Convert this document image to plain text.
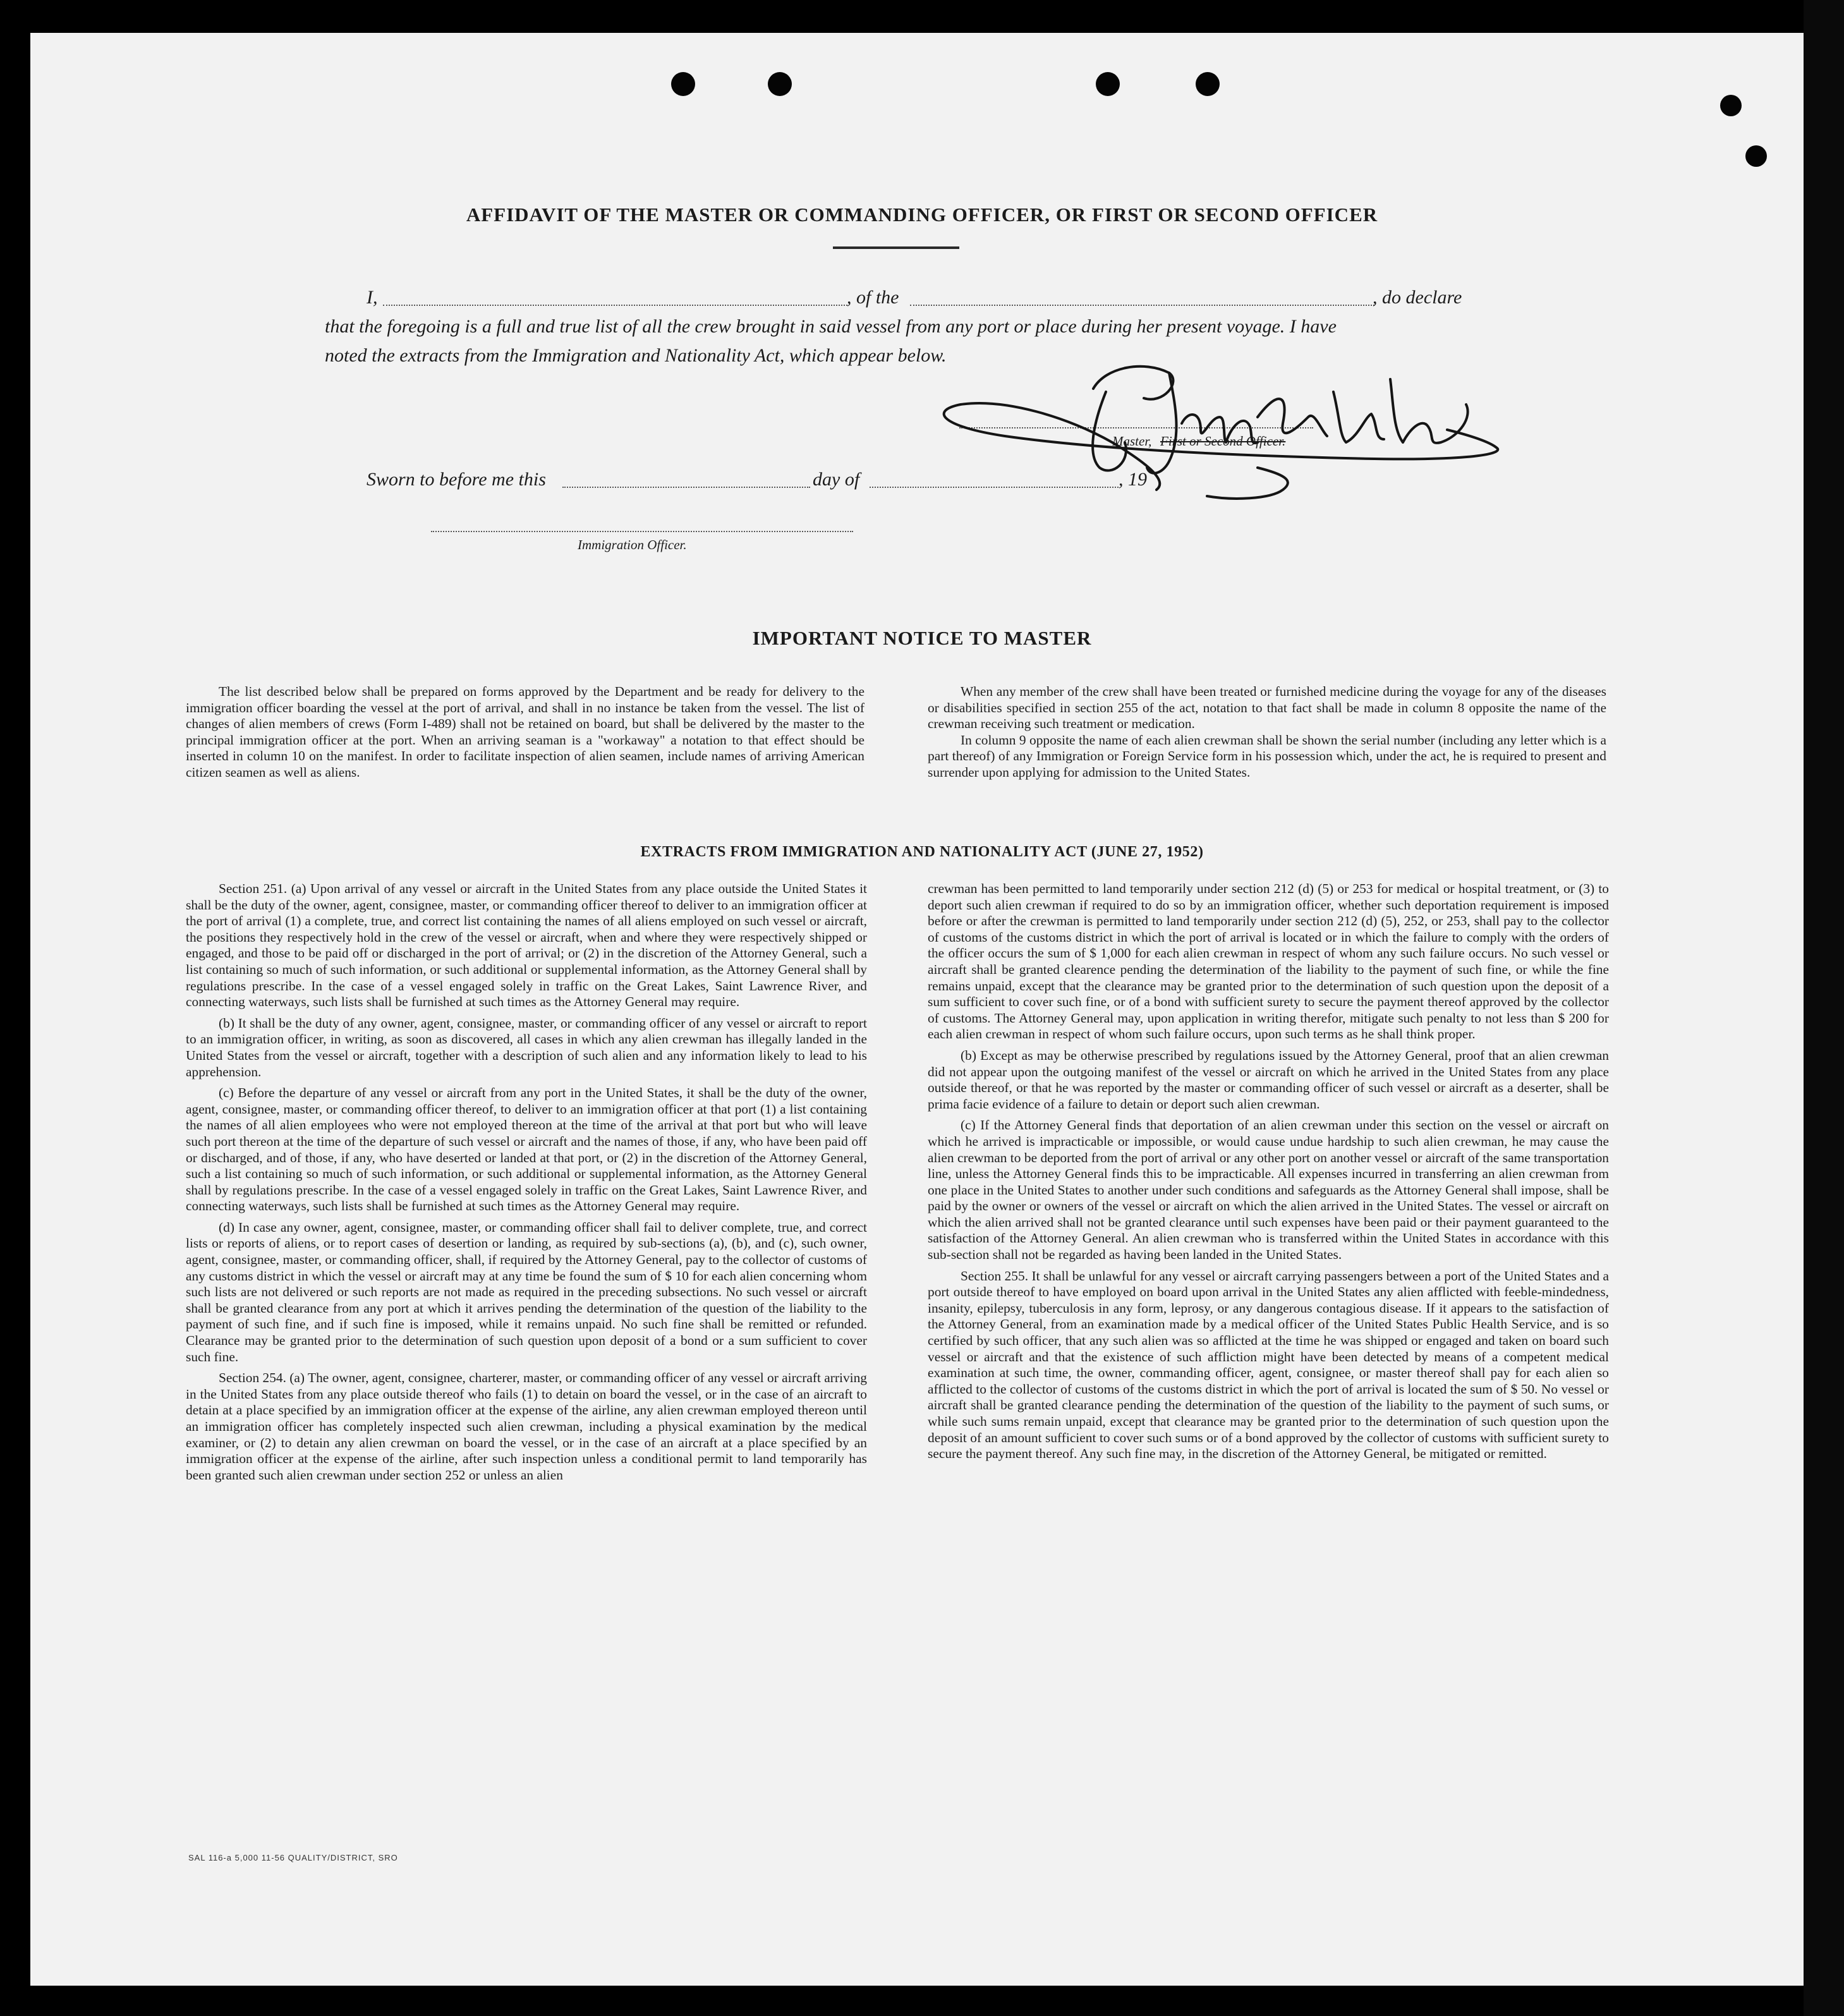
AFFIDAVIT OF THE MASTER OR COMMANDING OFFICER, OR FIRST OR SECOND OFFICER
I,	, of the	, do declare
that the foregoing is a full and true list of all the crew brought in said vessel from any port or place during her present voyage. I have
noted the extracts from the Immigration and Nationality Act, which appear below.
Master, First or Second Officer.
Sworn to before me this	day of	, 19
Immigration Officer.
IMPORTANT NOTICE TO MASTER

The list described below shall be prepared on forms approved by the Department and be ready for delivery to the immigration officer boarding the vessel at the port of arrival, and shall in no instance be taken from the vessel. The list of changes of alien members of crews (Form I-489) shall not be retained on board, but shall be delivered by the master to the principal immigration officer at the port. When an arriving seaman is a "workaway" a notation to that effect should be inserted in column 10 on the manifest. In order to facilitate inspection of alien seamen, include names of arriving American citizen seamen as well as aliens.

When any member of the crew shall have been treated or furnished medicine during the voyage for any of the diseases or disabilities specified in section 255 of the act, notation to that fact shall be made in column 8 opposite the name of the crewman receiving such treatment or medication.

In column 9 opposite the name of each alien crewman shall be shown the serial number (including any letter which is a part thereof) of any Immigration or Foreign Service form in his possession which, under the act, he is required to present and surrender upon applying for admission to the United States.

EXTRACTS FROM IMMIGRATION AND NATIONALITY ACT (JUNE 27, 1952)

Section 251. (a) Upon arrival of any vessel or aircraft in the United States from any place outside the United States it shall be the duty of the owner, agent, consignee, master, or commanding officer thereof to deliver to an immigration officer at the port of arrival (1) a complete, true, and correct list containing the names of all aliens employed on such vessel or aircraft, the positions they respectively hold in the crew of the vessel or aircraft, when and where they were respectively shipped or engaged, and those to be paid off or discharged in the port of arrival; or (2) in the discretion of the Attorney General, such a list containing so much of such information, or such additional or supplemental information, as the Attorney General shall by regulations prescribe. In the case of a vessel engaged solely in traffic on the Great Lakes, Saint Lawrence River, and connecting waterways, such lists shall be furnished at such times as the Attorney General may require.

(b) It shall be the duty of any owner, agent, consignee, master, or commanding officer of any vessel or aircraft to report to an immigration officer, in writing, as soon as discovered, all cases in which any alien crewman has illegally landed in the United States from the vessel or aircraft, together with a description of such alien and any information likely to lead to his apprehension.

(c) Before the departure of any vessel or aircraft from any port in the United States, it shall be the duty of the owner, agent, consignee, master, or commanding officer thereof, to deliver to an immigration officer at that port (1) a list containing the names of all alien employees who were not employed thereon at the time of the arrival at that port but who will leave such port thereon at the time of the departure of such vessel or aircraft and the names of those, if any, who have been paid off or discharged, and of those, if any, who have deserted or landed at that port, or (2) in the discretion of the Attorney General, such a list containing so much of such information, or such additional or supplemental information, as the Attorney General shall by regulations prescribe. In the case of a vessel engaged solely in traffic on the Great Lakes, Saint Lawrence River, and connecting waterways, such lists shall be furnished at such times as the Attorney General may require.

(d) In case any owner, agent, consignee, master, or commanding officer shall fail to deliver complete, true, and correct lists or reports of aliens, or to report cases of desertion or landing, as required by sub-sections (a), (b), and (c), such owner, agent, consignee, master, or commanding officer, shall, if required by the Attorney General, pay to the collector of customs of any customs district in which the vessel or aircraft may at any time be found the sum of $ 10 for each alien concerning whom such lists are not delivered or such reports are not made as required in the preceding subsections. No such vessel or aircraft shall be granted clearance from any port at which it arrives pending the determination of the question of the liability to the payment of such fine, and if such fine is imposed, while it remains unpaid. No such fine shall be remitted or refunded. Clearance may be granted prior to the determination of such question upon deposit of a bond or a sum sufficient to cover such fine.

Section 254. (a) The owner, agent, consignee, charterer, master, or commanding officer of any vessel or aircraft arriving in the United States from any place outside thereof who fails (1) to detain on board the vessel, or in the case of an aircraft to detain at a place specified by an immigration officer at the expense of the airline, any alien crewman employed thereon until an immigration officer has completely inspected such alien crewman, including a physical examination by the medical examiner, or (2) to detain any alien crewman on board the vessel, or in the case of an aircraft at a place specified by an immigration officer at the expense of the airline, after such inspection unless a conditional permit to land temporarily has been granted such alien crewman under section 252 or unless an alien

crewman has been permitted to land temporarily under section 212 (d) (5) or 253 for medical or hospital treatment, or (3) to deport such alien crewman if required to do so by an immigration officer, whether such deportation requirement is imposed before or after the crewman is permitted to land temporarily under section 212 (d) (5), 252, or 253, shall pay to the collector of customs of the customs district in which the port of arrival is located or in which the failure to comply with the orders of the officer occurs the sum of $ 1,000 for each alien crewman in respect of whom any such failure occurs. No such vessel or aircraft shall be granted clearence pending the determination of the liability to the payment of such fine, or while the fine remains unpaid, except that the clearance may be granted prior to the determination of such question upon the deposit of a sum sufficient to cover such fine, or of a bond with sufficient surety to secure the payment thereof approved by the collector of customs. The Attorney General may, upon application in writing therefor, mitigate such penalty to not less than $ 200 for each alien crewman in respect of whom such failure occurs, upon such terms as he shall think proper.

(b) Except as may be otherwise prescribed by regulations issued by the Attorney General, proof that an alien crewman did not appear upon the outgoing manifest of the vessel or aircraft on which he arrived in the United States from any place outside thereof, or that he was reported by the master or commanding officer of such vessel or aircraft as a deserter, shall be prima facie evidence of a failure to detain or deport such alien crewman.

(c) If the Attorney General finds that deportation of an alien crewman under this section on the vessel or aircraft on which he arrived is impracticable or impossible, or would cause undue hardship to such alien crewman, he may cause the alien crewman to be deported from the port of arrival or any other port on another vessel or aircraft of the same transportation line, unless the Attorney General finds this to be impracticable. All expenses incurred in transferring an alien crewman from one place in the United States to another under such conditions and safeguards as the Attorney General shall impose, shall be paid by the owner or owners of the vessel or aircraft on which the alien arrived in the United States. The vessel or aircraft on which the alien arrived shall not be granted clearance until such expenses have been paid or their payment guaranteed to the satisfaction of the Attorney General. An alien crewman who is transferred within the United States in accordance with this sub-section shall not be regarded as having been landed in the United States.

Section 255. It shall be unlawful for any vessel or aircraft carrying passengers between a port of the United States and a port outside thereof to have employed on board upon arrival in the United States any alien afflicted with feeble-mindedness, insanity, epilepsy, tuberculosis in any form, leprosy, or any dangerous contagious disease. If it appears to the satisfaction of the Attorney General, from an examination made by a medical officer of the United States Public Health Service, and is so certified by such officer, that any such alien was so afflicted at the time he was shipped or engaged and taken on board such vessel or aircraft and that the existence of such affliction might have been detected by means of a competent medical examination at such time, the owner, commanding officer, agent, consignee, or master thereof shall pay for each alien so afflicted to the collector of customs of the customs district in which the port of arrival is located the sum of $ 50. No vessel or aircraft shall be granted clearance pending the determination of the question of the liability to the payment of such sums, or while such sums remain unpaid, except that clearance may be granted prior to the determination of such question upon the deposit of an amount sufficient to cover such sums or of a bond approved by the collector of customs with sufficient surety to secure the payment thereof. Any such fine may, in the discretion of the Attorney General, be mitigated or remitted.

SAL 116-a 5,000 11-56 QUALITY/DISTRICT, SRO
